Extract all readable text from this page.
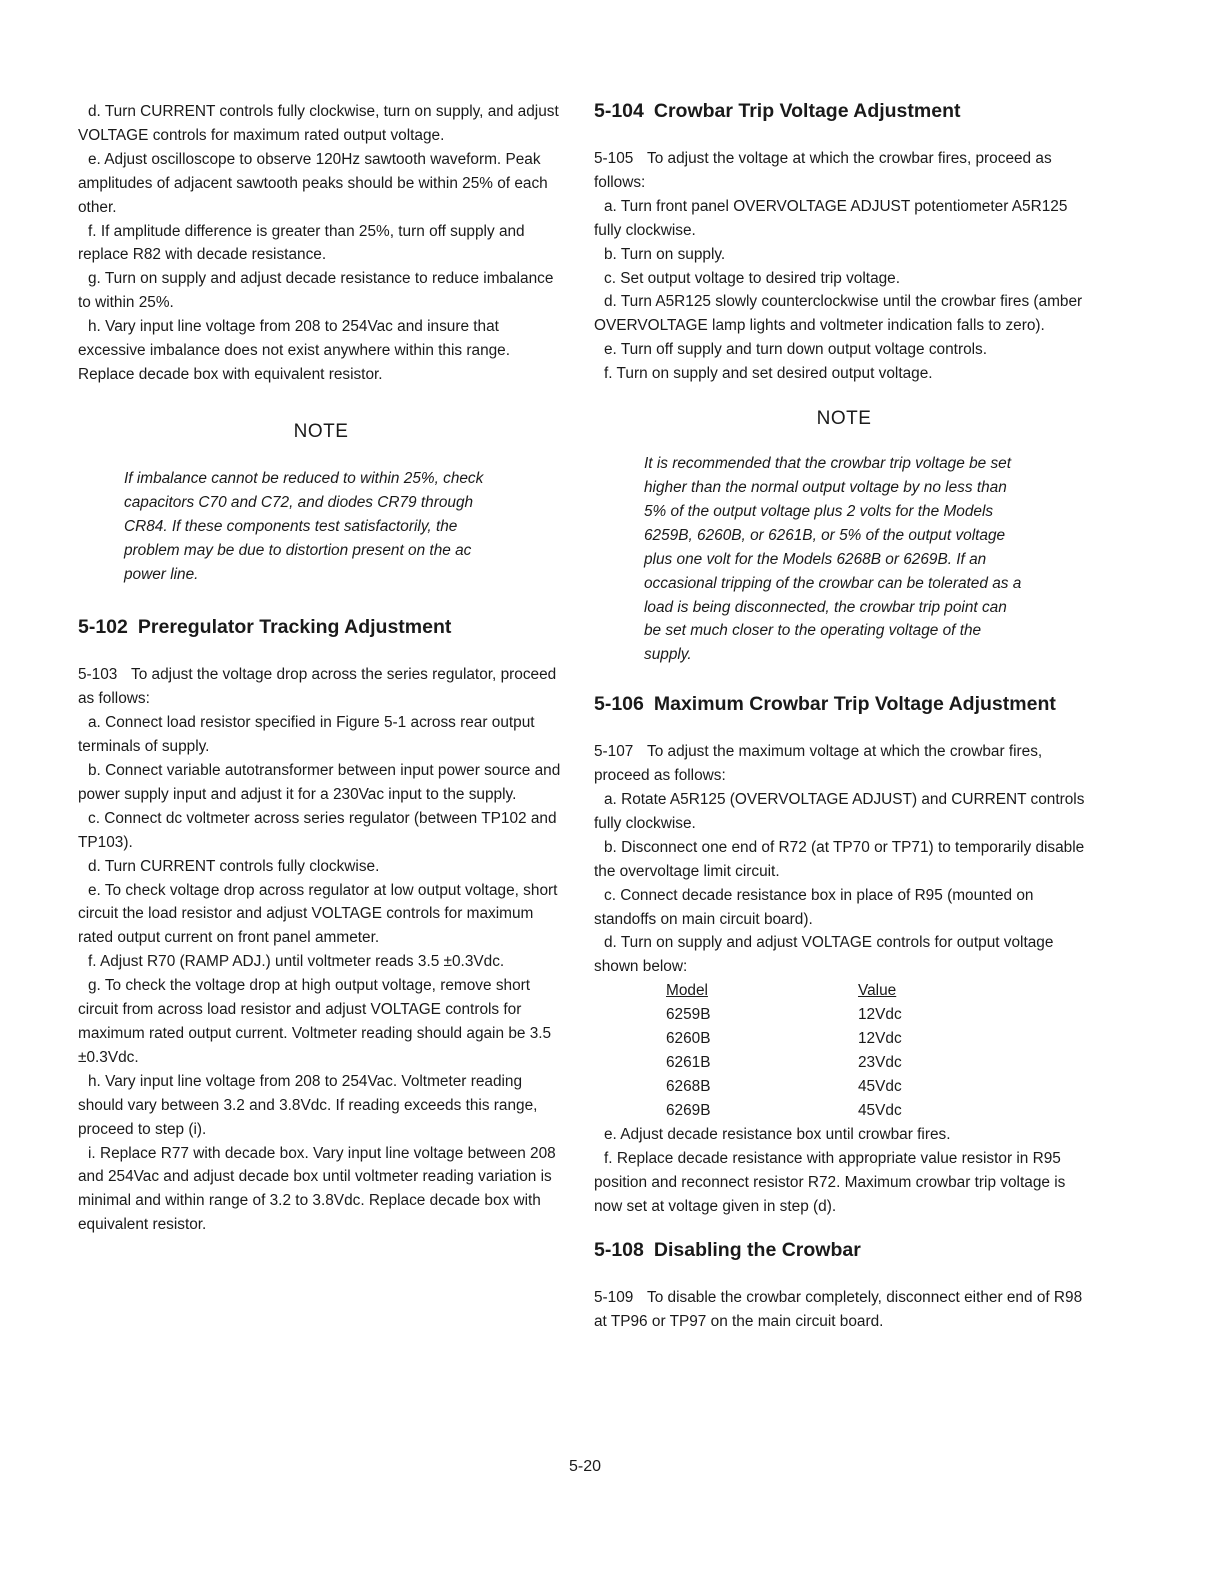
d. Turn CURRENT controls fully clockwise, turn on supply, and adjust VOLTAGE controls for maximum rated output voltage.

e. Adjust oscilloscope to observe 120Hz sawtooth waveform. Peak amplitudes of adjacent sawtooth peaks should be within 25% of each other.

f. If amplitude difference is greater than 25%, turn off supply and replace R82 with decade resistance.

g. Turn on supply and adjust decade resistance to reduce imbalance to within 25%.

h. Vary input line voltage from 208 to 254Vac and insure that excessive imbalance does not exist anywhere within this range. Replace decade box with equivalent resistor.

NOTE

If imbalance cannot be reduced to within 25%, check capacitors C70 and C72, and diodes CR79 through CR84. If these components test satisfactorily, the problem may be due to distortion present on the ac power line.

5-102 Preregulator Tracking Adjustment

5-103 To adjust the voltage drop across the series regulator, proceed as follows:

a. Connect load resistor specified in Figure 5-1 across rear output terminals of supply.

b. Connect variable autotransformer between input power source and power supply input and adjust it for a 230Vac input to the supply.

c. Connect dc voltmeter across series regulator (between TP102 and TP103).

d. Turn CURRENT controls fully clockwise.

e. To check voltage drop across regulator at low output voltage, short circuit the load resistor and adjust VOLTAGE controls for maximum rated output current on front panel ammeter.

f. Adjust R70 (RAMP ADJ.) until voltmeter reads 3.5 ±0.3Vdc.

g. To check the voltage drop at high output voltage, remove short circuit from across load resistor and adjust VOLTAGE controls for maximum rated output current. Voltmeter reading should again be 3.5 ±0.3Vdc.

h. Vary input line voltage from 208 to 254Vac. Voltmeter reading should vary between 3.2 and 3.8Vdc. If reading exceeds this range, proceed to step (i).

i. Replace R77 with decade box. Vary input line voltage between 208 and 254Vac and adjust decade box until voltmeter reading variation is minimal and within range of 3.2 to 3.8Vdc. Replace decade box with equivalent resistor.

5-104 Crowbar Trip Voltage Adjustment

5-105 To adjust the voltage at which the crowbar fires, proceed as follows:

a. Turn front panel OVERVOLTAGE ADJUST potentiometer A5R125 fully clockwise.

b. Turn on supply.

c. Set output voltage to desired trip voltage.

d. Turn A5R125 slowly counterclockwise until the crowbar fires (amber OVERVOLTAGE lamp lights and voltmeter indication falls to zero).

e. Turn off supply and turn down output voltage controls.

f. Turn on supply and set desired output voltage.

NOTE

It is recommended that the crowbar trip voltage be set higher than the normal output voltage by no less than 5% of the output voltage plus 2 volts for the Models 6259B, 6260B, or 6261B, or 5% of the output voltage plus one volt for the Models 6268B or 6269B. If an occasional tripping of the crowbar can be tolerated as a load is being disconnected, the crowbar trip point can be set much closer to the operating voltage of the supply.

5-106 Maximum Crowbar Trip Voltage Adjustment

5-107 To adjust the maximum voltage at which the crowbar fires, proceed as follows:

a. Rotate A5R125 (OVERVOLTAGE ADJUST) and CURRENT controls fully clockwise.

b. Disconnect one end of R72 (at TP70 or TP71) to temporarily disable the overvoltage limit circuit.

c. Connect decade resistance box in place of R95 (mounted on standoffs on main circuit board).

d. Turn on supply and adjust VOLTAGE controls for output voltage shown below:

Model	Value
6259B	12Vdc
6260B	12Vdc
6261B	23Vdc
6268B	45Vdc
6269B	45Vdc

e. Adjust decade resistance box until crowbar fires.

f. Replace decade resistance with appropriate value resistor in R95 position and reconnect resistor R72. Maximum crowbar trip voltage is now set at voltage given in step (d).

5-108 Disabling the Crowbar

5-109 To disable the crowbar completely, disconnect either end of R98 at TP96 or TP97 on the main circuit board.

5-20
